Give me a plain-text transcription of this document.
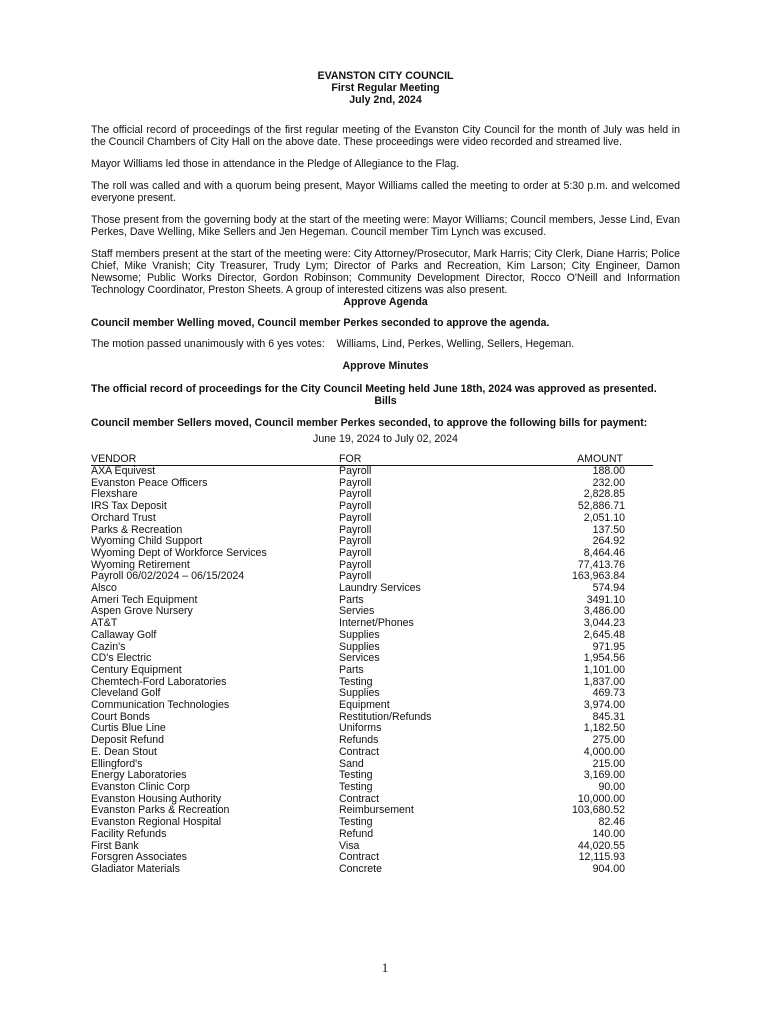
EVANSTON CITY COUNCIL
First Regular Meeting
July 2nd, 2024

The official record of proceedings of the first regular meeting of the Evanston City Council for the month of July was held in the Council Chambers of City Hall on the above date. These proceedings were video recorded and streamed live.

Mayor Williams led those in attendance in the Pledge of Allegiance to the Flag.

The roll was called and with a quorum being present, Mayor Williams called the meeting to order at 5:30 p.m. and welcomed everyone present.

Those present from the governing body at the start of the meeting were: Mayor Williams; Council members, Jesse Lind, Evan Perkes, Dave Welling, Mike Sellers and Jen Hegeman. Council member Tim Lynch was excused.

Staff members present at the start of the meeting were: City Attorney/Prosecutor, Mark Harris; City Clerk, Diane Harris; Police Chief, Mike Vranish; City Treasurer, Trudy Lym; Director of Parks and Recreation, Kim Larson; City Engineer, Damon Newsome; Public Works Director, Gordon Robinson; Community Development Director, Rocco O'Neill and Information Technology Coordinator, Preston Sheets. A group of interested citizens was also present.

Approve Agenda

Council member Welling moved, Council member Perkes seconded to approve the agenda.

The motion passed unanimously with 6 yes votes:    Williams, Lind, Perkes, Welling, Sellers, Hegeman.

Approve Minutes

The official record of proceedings for the City Council Meeting held June 18th, 2024 was approved as presented.

Bills

Council member Sellers moved, Council member Perkes seconded, to approve the following bills for payment:

June 19, 2024 to July 02, 2024
VENDOR	FOR	AMOUNT
AXA Equivest	Payroll	188.00
Evanston Peace Officers	Payroll	232.00
Flexshare	Payroll	2,828.85
IRS Tax Deposit	Payroll	52,886.71
Orchard Trust	Payroll	2,051.10
Parks & Recreation	Payroll	137.50
Wyoming Child Support	Payroll	264.92
Wyoming Dept of Workforce Services	Payroll	8,464.46
Wyoming Retirement	Payroll	77,413.76
Payroll 06/02/2024 – 06/15/2024	Payroll	163,963.84
Alsco	Laundry Services	574.94
Ameri Tech Equipment	Parts	3491.10
Aspen Grove Nursery	Servies	3,486.00
AT&T	Internet/Phones	3,044.23
Callaway Golf	Supplies	2,645.48
Cazin's	Supplies	971.95
CD's Electric	Services	1,954.56
Century Equipment	Parts	1,101.00
Chemtech-Ford Laboratories	Testing	1,837.00
Cleveland Golf	Supplies	469.73
Communication Technologies	Equipment	3,974.00
Court Bonds	Restitution/Refunds	845.31
Curtis Blue Line	Uniforms	1,182.50
Deposit Refund	Refunds	275.00
E. Dean Stout	Contract	4,000.00
Ellingford's	Sand	215.00
Energy Laboratories	Testing	3,169.00
Evanston Clinic Corp	Testing	90.00
Evanston Housing Authority	Contract	10,000.00
Evanston Parks & Recreation	Reimbursement	103,680.52
Evanston Regional Hospital	Testing	82.46
Facility Refunds	Refund	140.00
First Bank	Visa	44,020.55
Forsgren Associates	Contract	12,115.93
Gladiator Materials	Concrete	904.00
1
